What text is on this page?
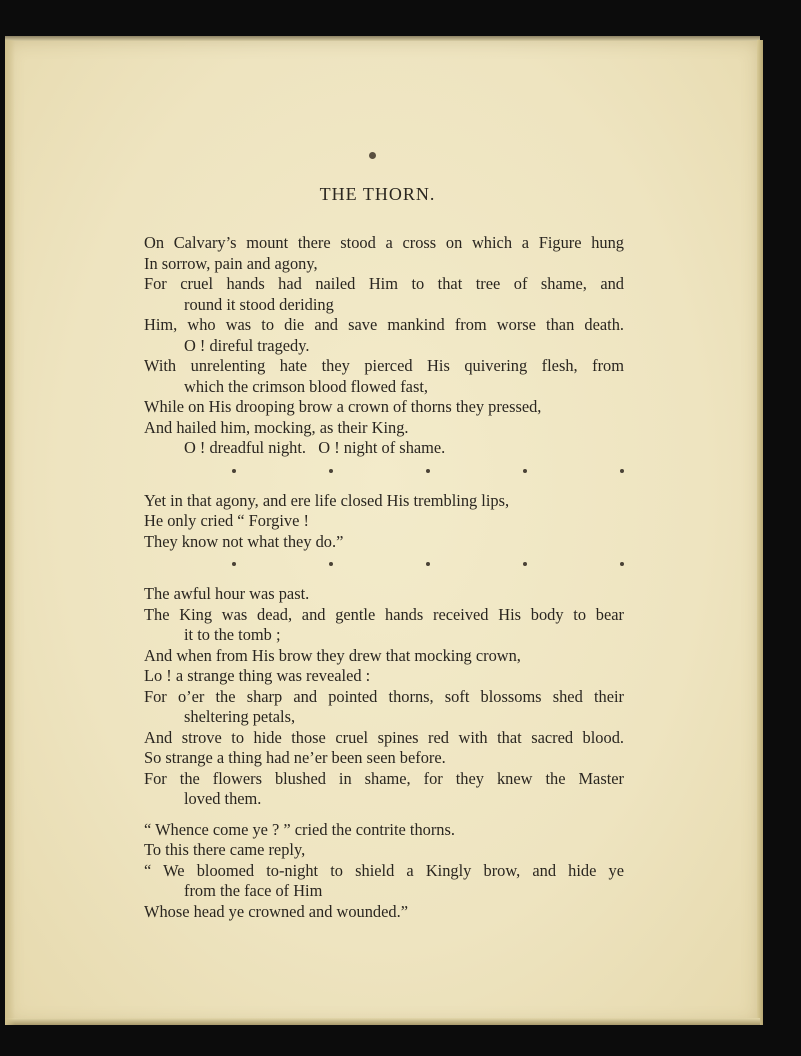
THE THORN.
On Calvary’s mount there stood a cross on which a Figure hung
In sorrow, pain and agony,
For cruel hands had nailed Him to that tree of shame, and
round it stood deriding
Him, who was to die and save mankind from worse than death.
O ! direful tragedy.
With unrelenting hate they pierced His quivering flesh, from
which the crimson blood flowed fast,
While on His drooping brow a crown of thorns they pressed,
And hailed him, mocking, as their King.
O ! dreadful night.   O ! night of shame.
Yet in that agony, and ere life closed His trembling lips,
He only cried “ Forgive !
They know not what they do.”
The awful hour was past.
The King was dead, and gentle hands received His body to bear
it to the tomb ;
And when from His brow they drew that mocking crown,
Lo ! a strange thing was revealed :
For o’er the sharp and pointed thorns, soft blossoms shed their
sheltering petals,
And strove to hide those cruel spines red with that sacred blood.
So strange a thing had ne’er been seen before.
For the flowers blushed in shame, for they knew the Master
loved them.
“ Whence come ye ? ” cried the contrite thorns.
To this there came reply,
“ We bloomed to-night to shield a Kingly brow, and hide ye
from the face of Him
Whose head ye crowned and wounded.”
